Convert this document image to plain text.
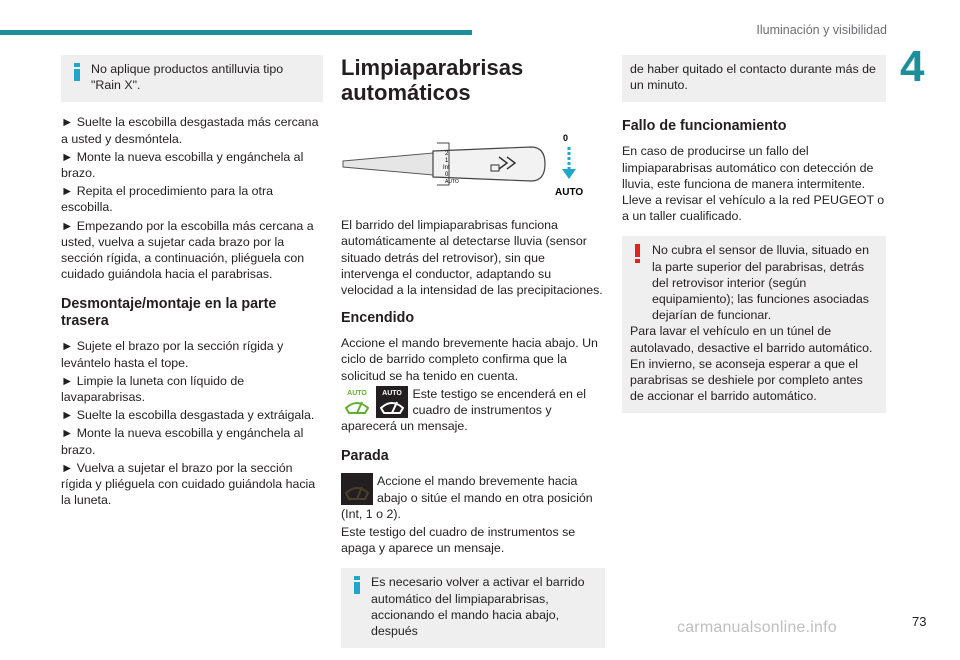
Iluminación y visibilidad
4
No aplique productos antilluvia tipo "Rain X".

► Suelte la escobilla desgastada más cercana a usted y desmóntela.

► Monte la nueva escobilla y engánchela al brazo.

► Repita el procedimiento para la otra escobilla.

► Empezando por la escobilla más cercana a usted, vuelva a sujetar cada brazo por la sección rígida, a continuación, pliéguela con cuidado guiándola hacia el parabrisas.

Desmontaje/montaje en la parte trasera

► Sujete el brazo por la sección rígida y levántelo hasta el tope.

► Limpie la luneta con líquido de lavaparabrisas.

► Suelte la escobilla desgastada y extráigala.

► Monte la nueva escobilla y engánchela al brazo.

► Vuelva a sujetar el brazo por la sección rígida y pliéguela con cuidado guiándola hacia la luneta.

Limpiaparabrisas automáticos
2
1
Int
0
AUTO
0
AUTO

El barrido del limpiaparabrisas funciona automáticamente al detectarse lluvia (sensor situado detrás del retrovisor), sin que intervenga el conductor, adaptando su velocidad a la intensidad de las precipitaciones.

Encendido

Accione el mando brevemente hacia abajo. Un ciclo de barrido completo confirma que la solicitud se ha tenido en cuenta.

AUTO
AUTO Este testigo se encenderá en el cuadro de instrumentos y aparecerá un mensaje.

Parada

Accione el mando brevemente hacia abajo o sitúe el mando en otra posición (Int, 1 o 2).

Este testigo del cuadro de instrumentos se apaga y aparece un mensaje.

Es necesario volver a activar el barrido automático del limpiaparabrisas, accionando el mando hacia abajo, después
de haber quitado el contacto durante más de un minuto.
Fallo de funcionamiento

En caso de producirse un fallo del limpiaparabrisas automático con detección de lluvia, este funciona de manera intermitente. Lleve a revisar el vehículo a la red PEUGEOT o a un taller cualificado.

No cubra el sensor de lluvia, situado en la parte superior del parabrisas, detrás del retrovisor interior (según equipamiento); las funciones asociadas dejarían de funcionar.
Para lavar el vehículo en un túnel de autolavado, desactive el barrido automático.
En invierno, se aconseja esperar a que el parabrisas se deshiele por completo antes de accionar el barrido automático.
carmanualsonline.info	73
